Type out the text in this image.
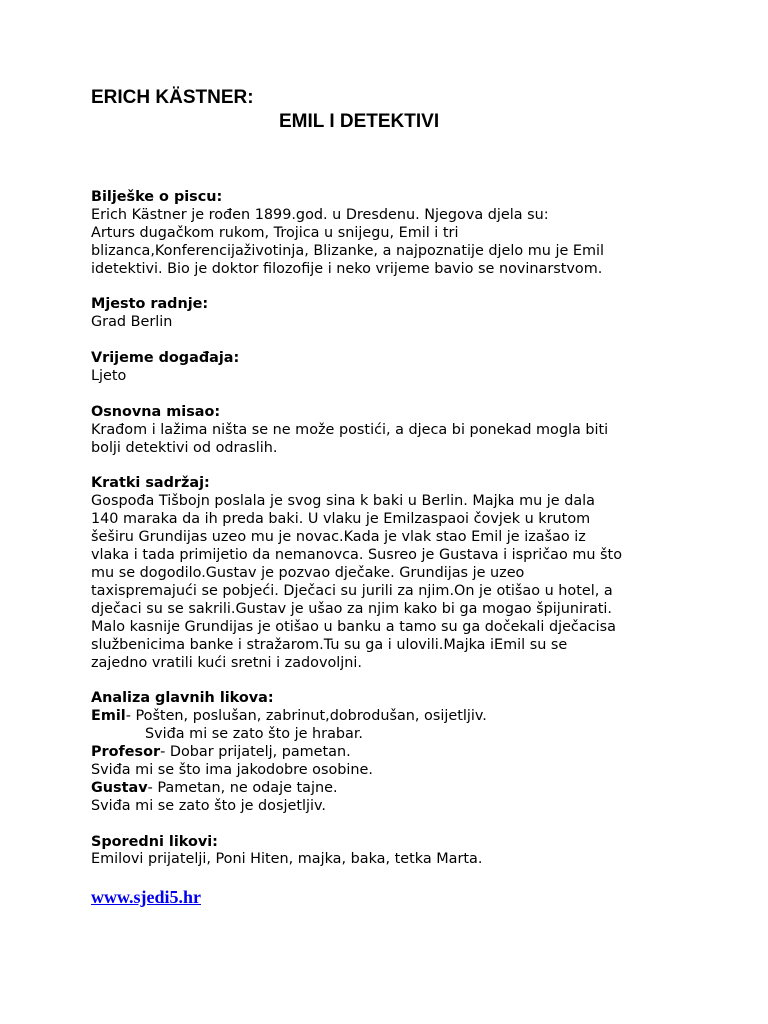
ERICH KÄSTNER:
EMIL I DETEKTIVI
Bilješke o piscu:
Erich Kästner je rođen 1899.god. u Dresdenu. Njegova djela su:
Arturs dugačkom rukom, Trojica u snijegu, Emil i tri
blizanca,Konferencijaživotinja, Blizanke, a najpoznatije djelo mu je Emil
idetektivi. Bio je doktor filozofije i neko vrijeme bavio se novinarstvom.
Mjesto radnje:
Grad Berlin
Vrijeme događaja:
Ljeto
Osnovna misao:
Krađom i lažima ništa se ne može postići, a djeca bi ponekad mogla biti
bolji detektivi od odraslih.
Kratki sadržaj:
Gospođa Tišbojn poslala je svog sina k baki u Berlin. Majka mu je dala
140 maraka da ih preda baki. U vlaku je Emilzaspaoi čovjek u krutom
šeširu Grundijas uzeo mu je novac.Kada je vlak stao Emil je izašao iz
vlaka i tada primijetio da nemanovca. Susreo je Gustava i ispričao mu što
mu se dogodilo.Gustav je pozvao dječake. Grundijas je uzeo
taxispremajući se pobjeći. Dječaci su jurili za njim.On je otišao u hotel, a
dječaci su se sakrili.Gustav je ušao za njim kako bi ga mogao špijunirati.
Malo kasnije Grundijas je otišao u banku a tamo su ga dočekali dječacisa
službenicima banke i stražarom.Tu su ga i ulovili.Majka iEmil su se
zajedno vratili kući sretni i zadovoljni.
Analiza glavnih likova:
Emil- Pošten, poslušan, zabrinut,dobrodušan, osijetljiv.
Sviđa mi se zato što je hrabar.
Profesor- Dobar prijatelj, pametan.
Sviđa mi se što ima jakodobre osobine.
Gustav- Pametan, ne odaje tajne.
Sviđa mi se zato što je dosjetljiv.
Sporedni likovi:
Emilovi prijatelji, Poni Hiten, majka, baka, tetka Marta.
www.sjedi5.hr
